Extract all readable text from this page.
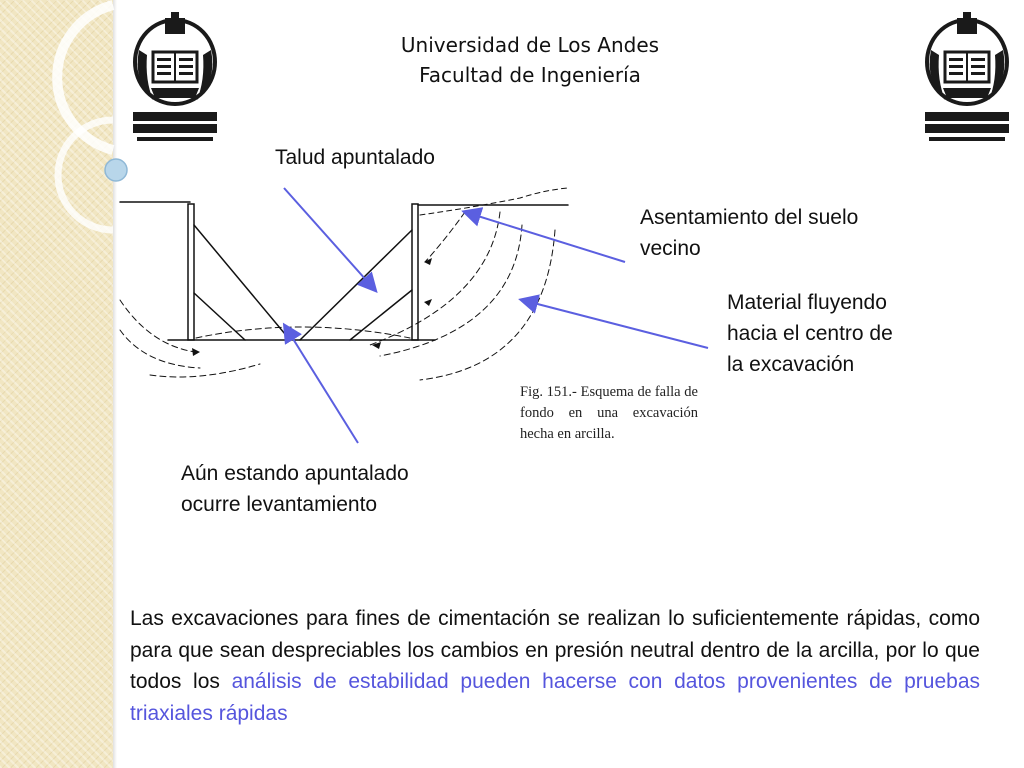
Universidad de Los Andes
Facultad de Ingeniería
Talud apuntalado
Asentamiento del suelo
vecino
Material fluyendo
hacia el centro de
la excavación
Aún estando apuntalado
ocurre levantamiento
Fig. 151.- Esquema de falla de fondo en una excavación hecha en arcilla.
Las excavaciones para fines de cimentación se realizan lo suficientemente rápidas, como para que sean despreciables los cambios en presión neutral dentro de la arcilla, por lo que todos los análisis de estabilidad pueden hacerse con datos provenientes de pruebas triaxiales rápidas
